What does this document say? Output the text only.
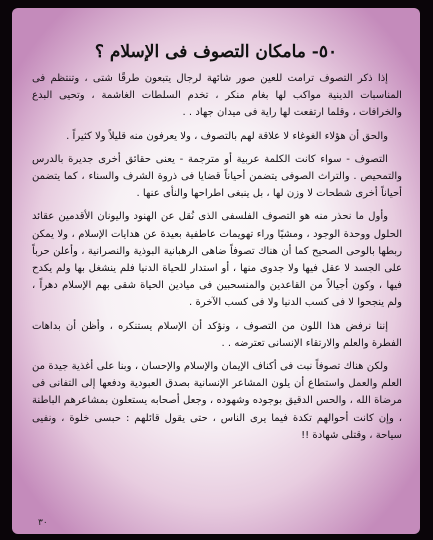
٥٠- مامكان التصوف فى الإسلام ؟

إذا ذكر التصوف ترامت للعين صور شائهة لرجال يتبعون طرقًا شتى ، وتنتظم فى المناسبات الدينية مواكب لها بغام منكر ، تخدم السلطات الغاشمة ، وتحيى البدع والخرافات ، وقلما ارتفعت لها راية فى ميدان جهاد . .

والحق أن هؤلاء الغوغاء لا علاقة لهم بالتصوف ، ولا يعرفون منه قليلاً ولا كثيراً .

التصوف - سواء كانت الكلمة عربية أو مترجمة - يعنى حقائق أخرى جديرة بالدرس والتمحيص . والتراث الصوفى يتضمن أحياناً قضايا فى ذروة الشرف والسناء ، كما يتضمن أحياناً أخرى شطحات لا وزن لها ، بل ينبغى اطراحها والنأى عنها .

وأول ما نحذر منه هو التصوف الفلسفى الذى نُقل عن الهنود واليونان الأقدمين عقائد الحلول ووحدة الوجود ، ومشيًا وراء تهويمات عاطفية بعيدة عن هدايات الإسلام ، ولا يمكن ربطها بالوحى الصحيح كما أن هناك تصوفاً ضاهى الرهبانية البوذية والنصرانية ، وأعلن حرباً على الجسد لا عقل فيها ولا جدوى منها ، أو استدار للحياة الدنيا فلم ينشغل بها ولم يكدح فيها ، وكون أجيالاً من القاعدين والمنسحبين فى ميادين الحياة شقى بهم الإسلام دهراً ، ولم ينجحوا لا فى كسب الدنيا ولا فى كسب الآخرة .

إننا نرفض هذا اللون من التصوف ، ونؤكد أن الإسلام يستنكره ، وأظن أن بداهات الفطرة والعلم والارتقاء الإنسانى تعترضه . .

ولكن هناك تصوفاً نبت فى أكناف الإيمان والإسلام والإحسان ، وبنا على أغذية جيدة من العلم والعمل واستطاع أن يلون المشاعر الإنسانية بصدق العبودية ودفعها إلى التفانى فى مرضاة الله ، والحس الدقيق بوجوده وشهوده ، وجعل أصحابه يستعلون بمشاعرهم الباطنة ، وإن كانت أحوالهم تكدة فيما يرى الناس ، حتى يقول قائلهم : حبسى خلوة ، ونفيى سياحة ، وقتلى شهادة !!

٣٠
